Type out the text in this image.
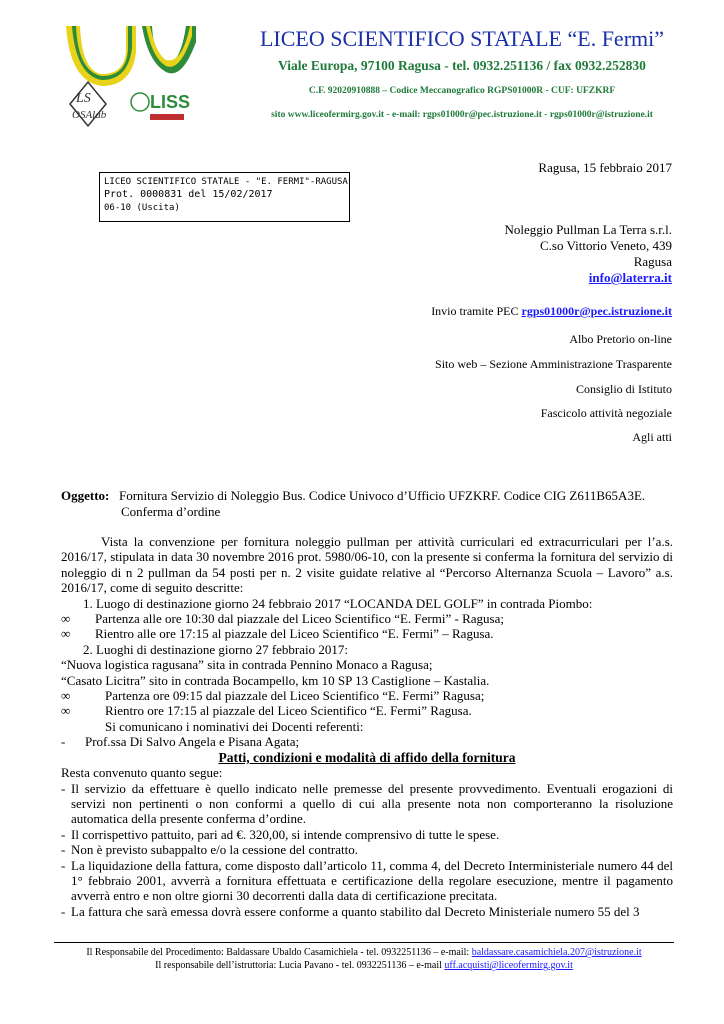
LS
OSAlab
LISS
LICEO SCIENTIFICO STATALE “E. Fermi”
Viale Europa, 97100 Ragusa - tel. 0932.251136 / fax 0932.252830
C.F. 92020910888 – Codice Meccanografico RGPS01000R - CUF: UFZKRF
sito www.liceofermirg.gov.it - e-mail: rgps01000r@pec.istruzione.it - rgps01000r@istruzione.it
Ragusa, 15 febbraio 2017
LICEO SCIENTIFICO STATALE - "E. FERMI"-RAGUSA
Prot. 0000831 del 15/02/2017
06-10 (Uscita)
Noleggio Pullman La Terra s.r.l.
C.so Vittorio Veneto, 439
Ragusa
info@laterra.it
Invio tramite PEC rgps01000r@pec.istruzione.it
Albo Pretorio on-line
Sito web – Sezione Amministrazione Trasparente
Consiglio di Istituto
Fascicolo attività negoziale
Agli atti
Oggetto: Fornitura Servizio di Noleggio Bus. Codice Univoco d’Ufficio UFZKRF. Codice CIG Z611B65A3E.
Conferma d’ordine

Vista la convenzione per fornitura noleggio pullman per attività curriculari ed extracurriculari per l’a.s. 2016/17, stipulata in data 30 novembre 2016 prot. 5980/06-10, con la presente si conferma la fornitura del servizio di noleggio di n 2 pullman da 54 posti per n. 2 visite guidate relative al “Percorso Alternanza Scuola – Lavoro” a.s. 2016/17, come di seguito descritte:

1. Luogo di destinazione giorno 24 febbraio 2017 “LOCANDA DEL GOLF” in contrada Piombo:

∞	Partenza alle ore 10:30 dal piazzale del Liceo Scientifico “E. Fermi” - Ragusa;
∞	Rientro alle ore 17:15 al piazzale del Liceo Scientifico “E. Fermi” – Ragusa.

2. Luoghi di destinazione giorno 27 febbraio 2017:

“Nuova logistica ragusana” sita in contrada Pennino Monaco a Ragusa;

“Casato Licitra” sito in contrada Bocampello, km 10 SP 13 Castiglione – Kastalia.

∞	Partenza ore 09:15 dal piazzale del Liceo Scientifico “E. Fermi” Ragusa;
∞	Rientro ore 17:15 al piazzale del Liceo Scientifico “E. Fermi” Ragusa.

Si comunicano i nominativi dei Docenti referenti:

-	Prof.ssa Di Salvo Angela e Pisana Agata;
Patti, condizioni e modalità di affido della fornitura

Resta convenuto quanto segue:

- Il servizio da effettuare è quello indicato nelle premesse del presente provvedimento. Eventuali erogazioni di servizi non pertinenti o non conformi a quello di cui alla presente nota non comporteranno la risoluzione automatica della presente conferma d’ordine.
- Il corrispettivo pattuito, pari ad €. 320,00, si intende comprensivo di tutte le spese.
- Non è previsto subappalto e/o la cessione del contratto.
- La liquidazione della fattura, come disposto dall’articolo 11, comma 4, del Decreto Interministeriale numero 44 del 1° febbraio 2001, avverrà a fornitura effettuata e certificazione della regolare esecuzione, mentre il pagamento avverrà entro e non oltre giorni 30 decorrenti dalla data di certificazione precitata.
- La fattura che sarà emessa dovrà essere conforme a quanto stabilito dal Decreto Ministeriale numero 55 del 3
Il Responsabile del Procedimento: Baldassare Ubaldo Casamichiela - tel. 0932251136 – e-mail: baldassare.casamichiela.207@istruzione.it
Il responsabile dell’istruttoria: Lucia Pavano - tel. 0932251136 – e-mail uff.acquisti@liceofermirg.gov.it
